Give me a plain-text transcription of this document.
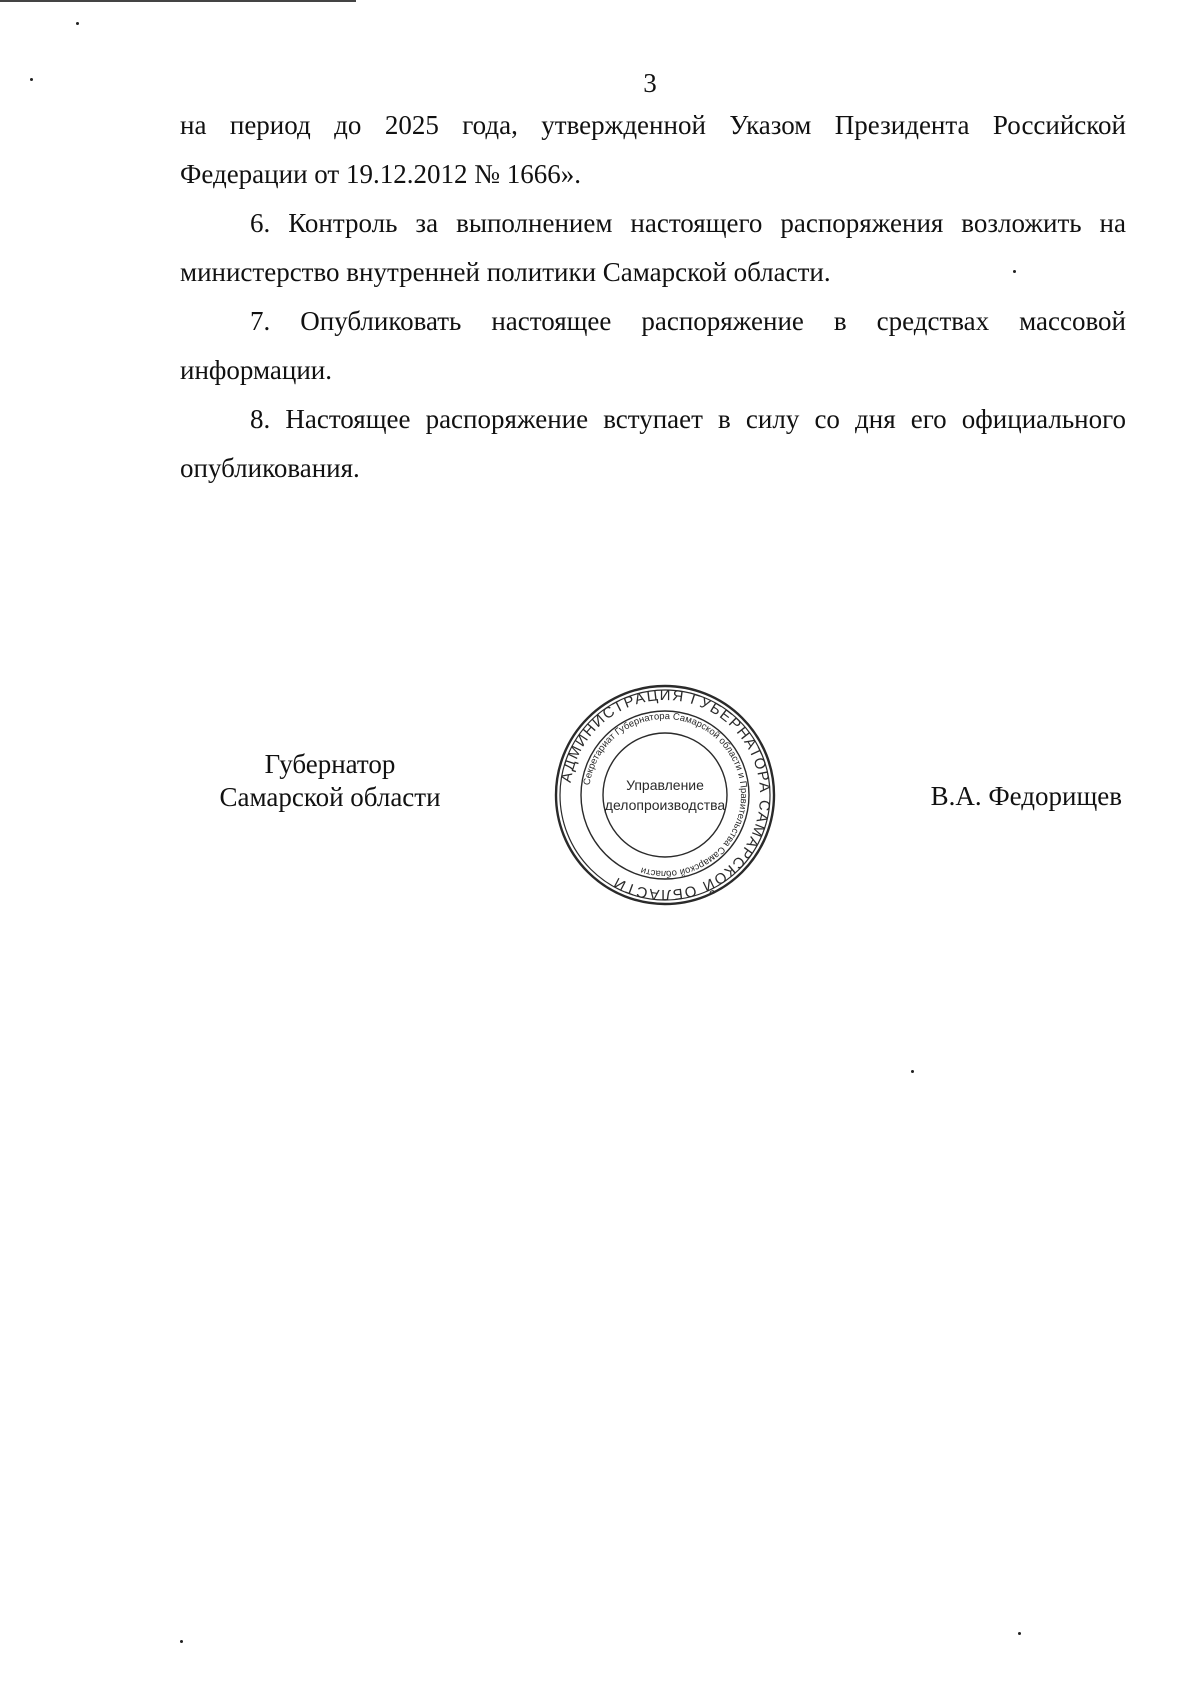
3

на период до 2025 года, утвержденной Указом Президента Российской Федерации от 19.12.2012 № 1666».

6. Контроль за выполнением настоящего распоряжения возложить на министерство внутренней политики Самарской области.

7. Опубликовать настоящее распоряжение в средствах массовой информации.

8. Настоящее распоряжение вступает в силу со дня его официального опубликования.

Губернатор
Самарской области
АДМИНИСТРАЦИЯ ГУБЕРНАТОРА САМАРСКОЙ ОБЛАСТИ
Секретариат Губернатора Самарской области и Правительства Самарской области
Управление
делопроизводства	В.А. Федорищев
